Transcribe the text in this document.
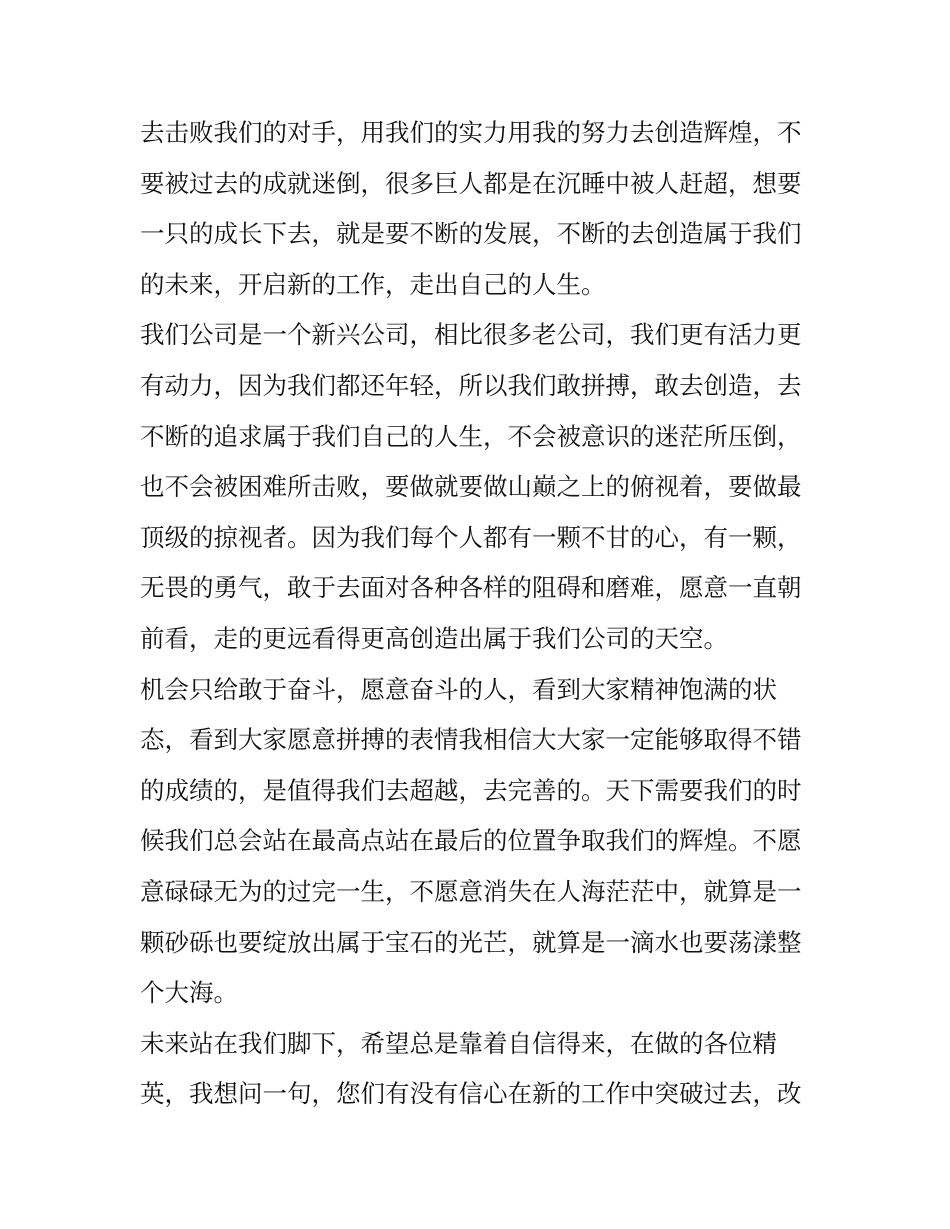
去击败我们的对手，用我们的实力用我的努力去创造辉煌，不
要被过去的成就迷倒，很多巨人都是在沉睡中被人赶超，想要
一只的成长下去，就是要不断的发展，不断的去创造属于我们
的未来，开启新的工作，走出自己的人生。
我们公司是一个新兴公司，相比很多老公司，我们更有活力更
有动力，因为我们都还年轻，所以我们敢拼搏，敢去创造，去
不断的追求属于我们自己的人生，不会被意识的迷茫所压倒，
也不会被困难所击败，要做就要做山巅之上的俯视着，要做最
顶级的掠视者。因为我们每个人都有一颗不甘的心，有一颗，
无畏的勇气，敢于去面对各种各样的阻碍和磨难，愿意一直朝
前看，走的更远看得更高创造出属于我们公司的天空。
机会只给敢于奋斗，愿意奋斗的人，看到大家精神饱满的状
态，看到大家愿意拼搏的表情我相信大大家一定能够取得不错
的成绩的，是值得我们去超越，去完善的。天下需要我们的时
候我们总会站在最高点站在最后的位置争取我们的辉煌。不愿
意碌碌无为的过完一生，不愿意消失在人海茫茫中，就算是一
颗砂砾也要绽放出属于宝石的光芒，就算是一滴水也要荡漾整
个大海。
未来站在我们脚下，希望总是靠着自信得来，在做的各位精
英，我想问一句，您们有没有信心在新的工作中突破过去，改
